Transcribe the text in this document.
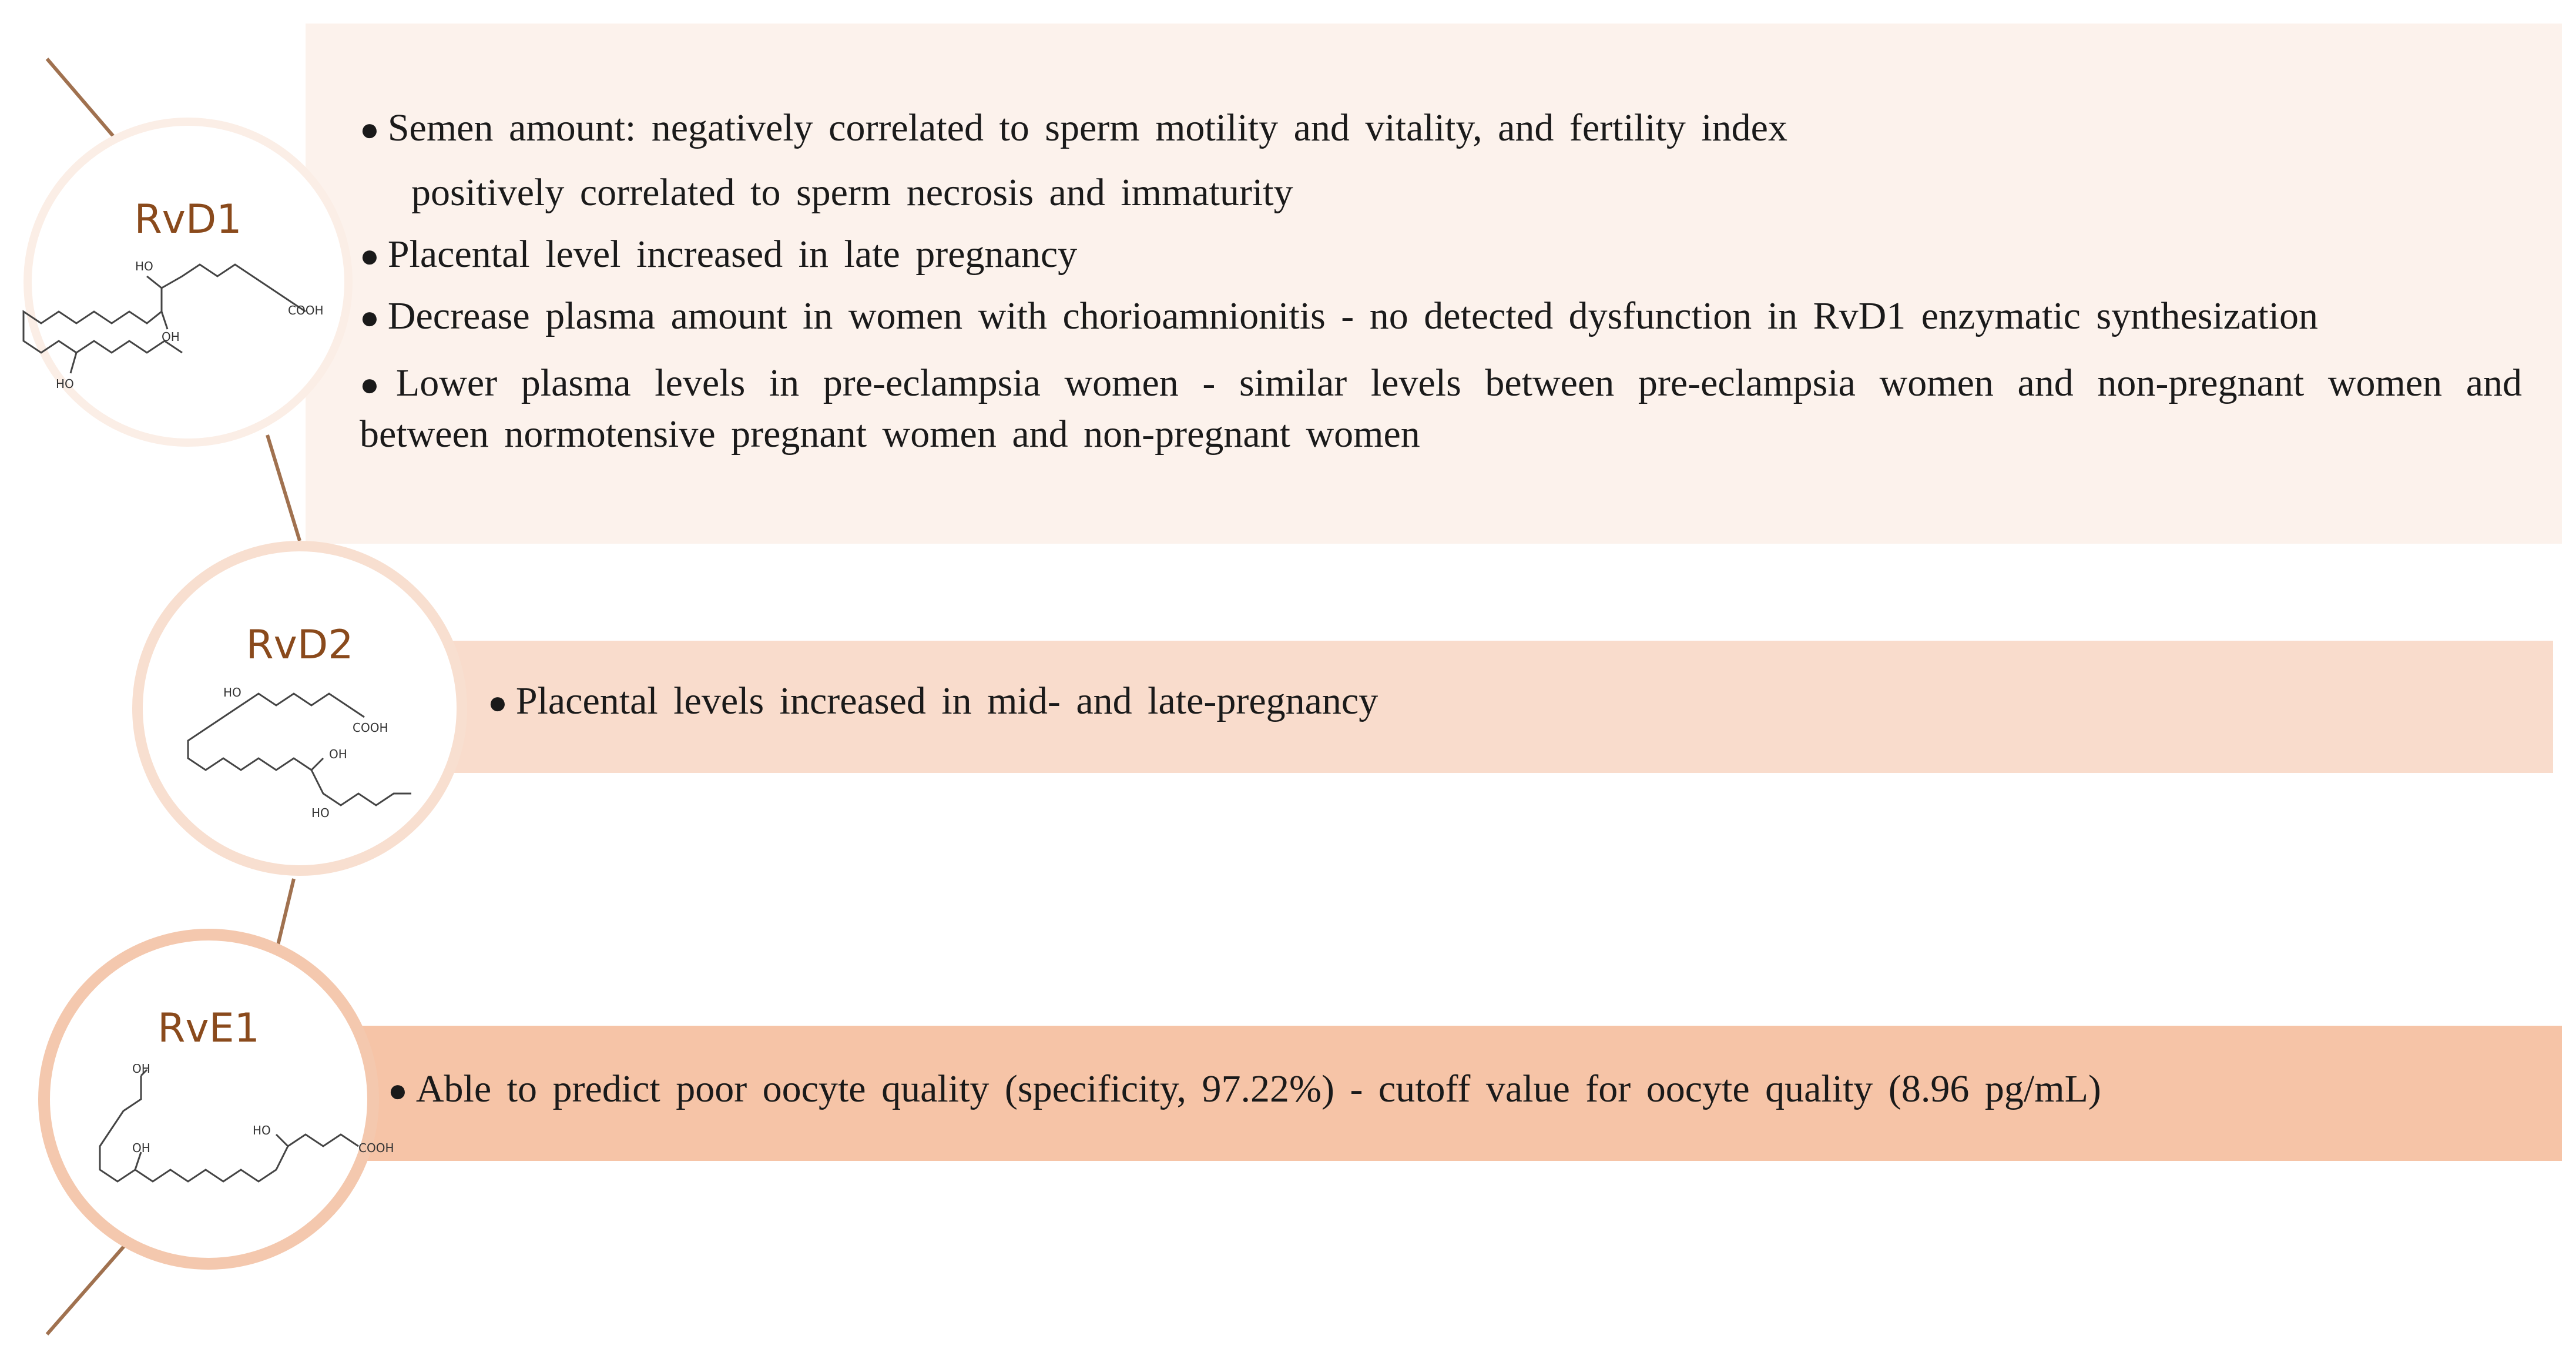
● Semen amount: negatively correlated to sperm motility and vitality, and fertility index
positively correlated to sperm necrosis and immaturity
● Placental level increased in late pregnancy
● Decrease plasma amount in women with chorioamnionitis - no detected dysfunction in RvD1 enzymatic synthesization
● Lower plasma levels in pre-eclampsia women - similar levels between pre-eclampsia women and non-pregnant women and between normotensive pregnant women and non-pregnant women
● Placental levels increased in mid- and late-pregnancy
● Able to predict poor oocyte quality (specificity, 97.22%) - cutoff value for oocyte quality (8.96 pg/mL)
RvD1
HO
OH
COOH
HO
RvD2
HO
COOH
OH
HO
RvE1
OH
HO
OH	COOH
